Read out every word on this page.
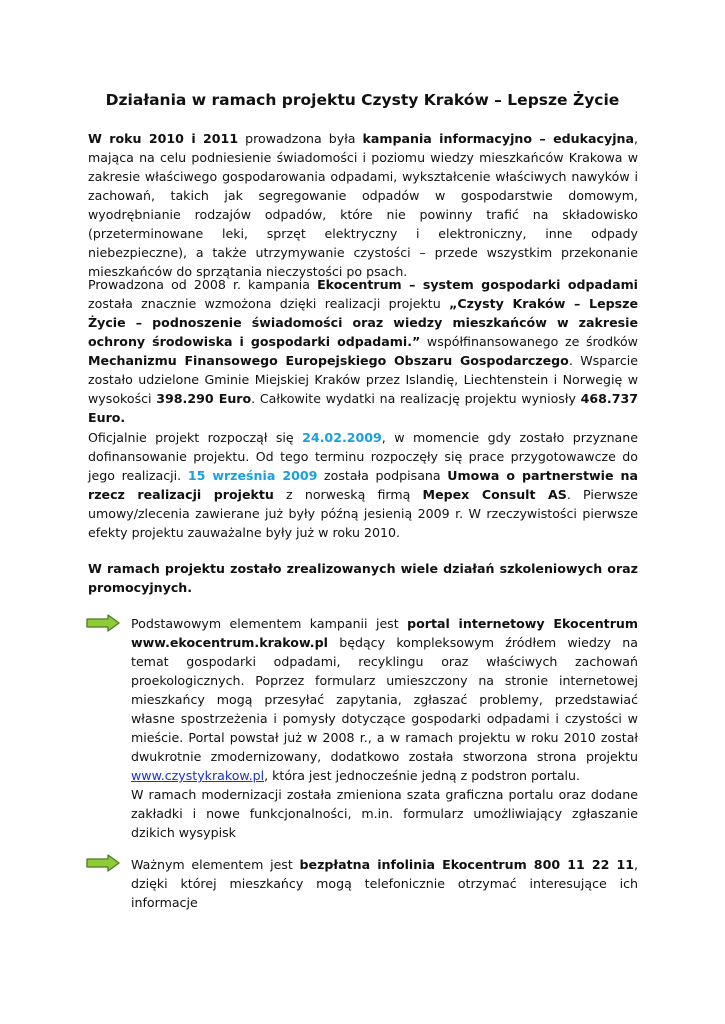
Działania w ramach projektu Czysty Kraków – Lepsze Życie

W roku 2010 i 2011 prowadzona była kampania informacyjno – edukacyjna, mająca na celu podniesienie świadomości i poziomu wiedzy mieszkańców Krakowa w zakresie właściwego gospodarowania odpadami, wykształcenie właściwych nawyków i zachowań, takich jak segregowanie odpadów w gospodarstwie domowym, wyodrębnianie rodzajów odpadów, które nie powinny trafić na składowisko (przeterminowane leki, sprzęt elektryczny i elektroniczny, inne odpady niebezpieczne), a także utrzymywanie czystości – przede wszystkim przekonanie mieszkańców do sprzątania nieczystości po psach.

Prowadzona od 2008 r. kampania Ekocentrum – system gospodarki odpadami została znacznie wzmożona dzięki realizacji projektu „Czysty Kraków – Lepsze Życie – podnoszenie świadomości oraz wiedzy mieszkańców w zakresie ochrony środowiska i gospodarki odpadami.” współfinansowanego ze środków Mechanizmu Finansowego Europejskiego Obszaru Gospodarczego. Wsparcie zostało udzielone Gminie Miejskiej Kraków przez Islandię, Liechtenstein i Norwegię w wysokości 398.290 Euro. Całkowite wydatki na realizację projektu wyniosły 468.737 Euro.

Oficjalnie projekt rozpoczął się 24.02.2009, w momencie gdy zostało przyznane dofinansowanie projektu. Od tego terminu rozpoczęły się prace przygotowawcze do jego realizacji. 15 września 2009 została podpisana Umowa o partnerstwie na rzecz realizacji projektu z norweską firmą Mepex Consult AS. Pierwsze umowy/zlecenia zawierane już były późną jesienią 2009 r. W rzeczywistości pierwsze efekty projektu zauważalne były już w roku 2010.

W ramach projektu zostało zrealizowanych wiele działań szkoleniowych oraz promocyjnych.

Podstawowym elementem kampanii jest portal internetowy Ekocentrum www.ekocentrum.krakow.pl będący kompleksowym źródłem wiedzy na temat gospodarki odpadami, recyklingu oraz właściwych zachowań proekologicznych. Poprzez formularz umieszczony na stronie internetowej mieszkańcy mogą przesyłać zapytania, zgłaszać problemy, przedstawiać własne spostrzeżenia i pomysły dotyczące gospodarki odpadami i czystości w mieście. Portal powstał już w 2008 r., a w ramach projektu w roku 2010 został dwukrotnie zmodernizowany, dodatkowo została stworzona strona projektu www.czystykrakow.pl, która jest jednocześnie jedną z podstron portalu.
W ramach modernizacji została zmieniona szata graficzna portalu oraz dodane zakładki i nowe funkcjonalności, m.in. formularz umożliwiający zgłaszanie dzikich wysypisk
Ważnym elementem jest bezpłatna infolinia Ekocentrum 800 11 22 11, dzięki której mieszkańcy mogą telefonicznie otrzymać interesujące ich informacje
